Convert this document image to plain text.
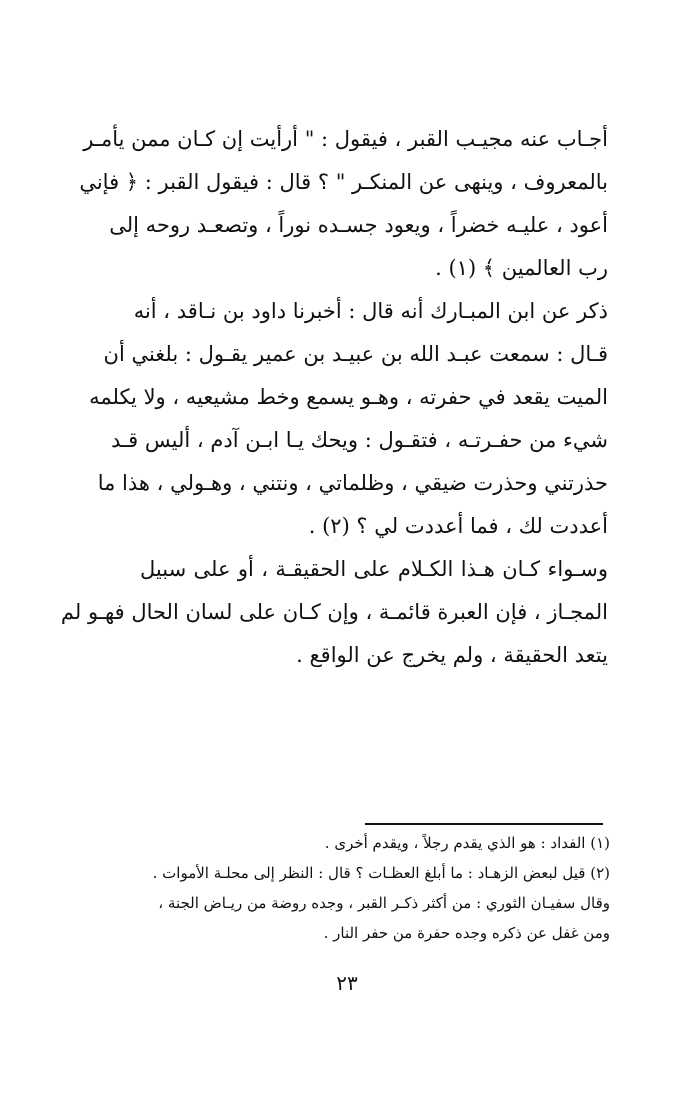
أجـاب عنه مجيـب القبر ، فيقول : " أرأيت إن كـان ممن يأمـر
بالمعروف ، وينهى عن المنكـر " ؟ قال : فيقول القبر : ﴿ فإني
أعود ، عليـه خضراً ، ويعود جسـده نوراً ، وتصعـد روحه إلى
رب العالمين ﴾ (١) .
ذكر عن ابن المبـارك أنه قال : أخبرنا داود بن نـاقد ، أنه
قـال : سمعت عبـد الله بن عبيـد بن عمير يقـول : بلغني أن
الميت يقعد في حفرته ، وهـو يسمع وخط مشيعيه ، ولا يكلمه
شيء من حفـرتـه ، فتقـول : ويحك يـا ابـن آدم ، أليس قـد
حذرتني وحذرت ضيقي ، وظلماتي ، ونتني ، وهـولي ، هذا ما
أعددت لك ، فما أعددت لي ؟ (٢) .
وسـواء كـان هـذا الكـلام على الحقيقـة ، أو على سبيل
المجـاز ، فإن العبرة قائمـة ، وإن كـان على لسان الحال فهـو لم
يتعد الحقيقة ، ولم يخرج عن الواقع .
(١) الفداد : هو الذي يقدم رجلاً ، ويقدم أخرى .
(٢) قيل لبعض الزهـاد : ما أبلغ العظـات ؟ قال : النظر إلى محلـة الأموات .
وقال سفيـان الثوري : من أكثر ذكـر القبر ، وجده روضة من ريـاض الجنة ،
ومن غفل عن ذكره وجده حفرة من حفر النار .
٢٣
